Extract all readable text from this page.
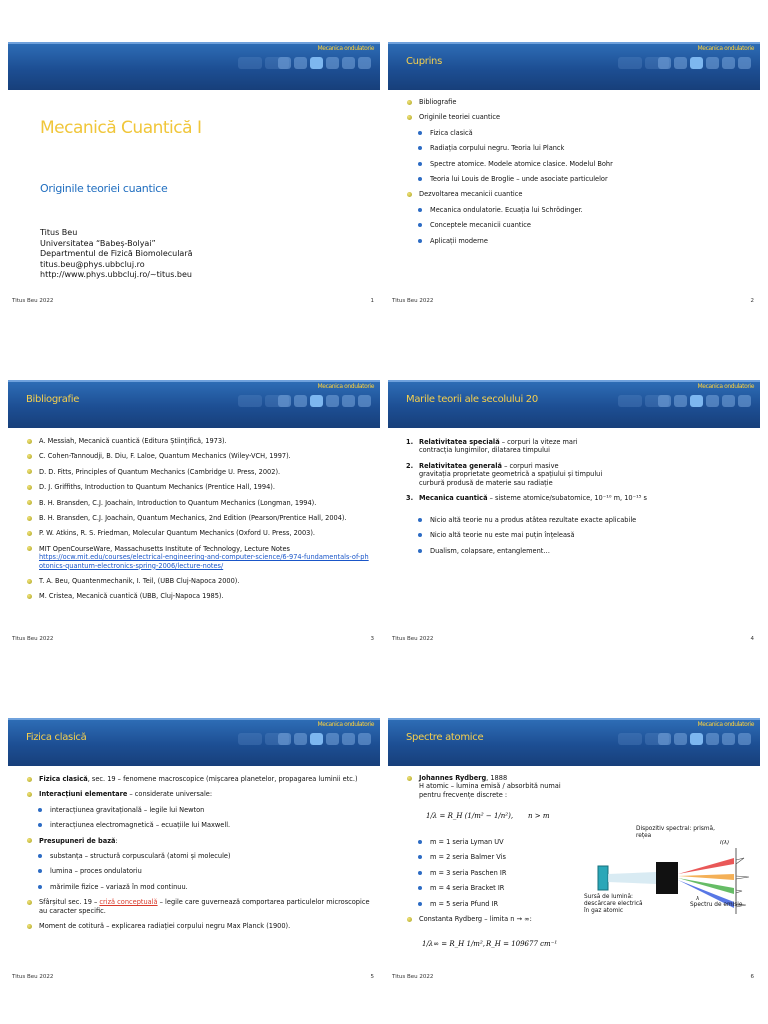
Mecanica ondulatorie
Mecanică Cuantică I
Originile teoriei cuantice
Titus Beu
Universitatea “Babeș-Bolyai”
Departmentul de Fizică Biomoleculară
titus.beu@phys.ubbcluj.ro
http://www.phys.ubbcluj.ro/~titus.beu
Titus Beu 2022	1
Mecanica ondulatorie
Cuprins
Bibliografie
Originile teoriei cuantice
Fizica clasică
Radiația corpului negru. Teoria lui Planck
Spectre atomice. Modele atomice clasice. Modelul Bohr
Teoria lui Louis de Broglie – unde asociate particulelor
Dezvoltarea mecanicii cuantice
Mecanica ondulatorie. Ecuația lui Schrödinger.
Conceptele mecanicii cuantice
Aplicații moderne
Titus Beu 2022	2
Mecanica ondulatorie
Bibliografie
A. Messiah, Mecanică cuantică (Editura Științifică, 1973).
C. Cohen-Tannoudji, B. Diu, F. Laloe, Quantum Mechanics (Wiley-VCH, 1997).
D. D. Fitts, Principles of Quantum Mechanics (Cambridge U. Press, 2002).
D. J. Griffiths, Introduction to Quantum Mechanics (Prentice Hall, 1994).
B. H. Bransden, C.J. Joachain, Introduction to Quantum Mechanics (Longman, 1994).
B. H. Bransden, C.J. Joachain, Quantum Mechanics, 2nd Edition (Pearson/Prentice Hall, 2004).
P. W. Atkins, R. S. Friedman, Molecular Quantum Mechanics (Oxford U. Press, 2003).
MIT OpenCourseWare, Massachusetts Institute of Technology, Lecture Notes
https://ocw.mit.edu/courses/electrical-engineering-and-computer-science/6-974-fundamentals-of-photonics-quantum-electronics-spring-2006/lecture-notes/
T. A. Beu, Quantenmechanik, I. Teil, (UBB Cluj-Napoca 2000).
M. Cristea, Mecanică cuantică (UBB, Cluj-Napoca 1985).
Titus Beu 2022	3
Mecanica ondulatorie
Marile teorii ale secolului 20
1. Relativitatea specială – corpuri la viteze mari
contracția lungimilor, dilatarea timpului
2. Relativitatea generală – corpuri masive
gravitația proprietate geometrică a spațiului și timpului
curbură produsă de materie sau radiație
3. Mecanica cuantică – sisteme atomice/subatomice, 10⁻¹⁰ m, 10⁻¹⁵ s
Nicio altă teorie nu a produs atâtea rezultate exacte aplicabile
Nicio altă teorie nu este mai puțin înțeleasă
Dualism, colapsare, entanglement…
Titus Beu 2022	4
Mecanica ondulatorie
Fizica clasică
Fizica clasică, sec. 19 – fenomene macroscopice (mișcarea planetelor, propagarea luminii etc.)
Interacțiuni elementare – considerate universale:
interacțiunea gravitațională – legile lui Newton
interacțiunea electromagnetică – ecuațiile lui Maxwell.
Presupuneri de bază:
substanța – structură corpusculară (atomi și molecule)
lumina – proces ondulatoriu
mărimile fizice – variază în mod continuu.
Sfârșitul sec. 19 – criză conceptuală – legile care guvernează comportarea particulelor microscopice au caracter specific.
Moment de cotitură – explicarea radiației corpului negru Max Planck (1900).
Titus Beu 2022	5
Mecanica ondulatorie
Spectre atomice
Johannes Rydberg, 1888
H atomic – lumina emisă / absorbită numai
pentru frecvențe discrete :
1/λ = R_H (1/m² − 1/n²), n > m
m = 1 seria Lyman UV
m = 2 seria Balmer Vis
m = 3 seria Paschen IR
m = 4 seria Bracket IR
m = 5 seria Pfund IR
Constanta Rydberg – limita n → ∞:
1/λ∞ = R_H 1/m², R_H = 109677 cm⁻¹
Dispozitiv spectral: prismă, rețea
I(λ)
λ
Sursă de lumină: descărcare electrică în gaz atomic
Spectru de emisie
Titus Beu 2022	6
